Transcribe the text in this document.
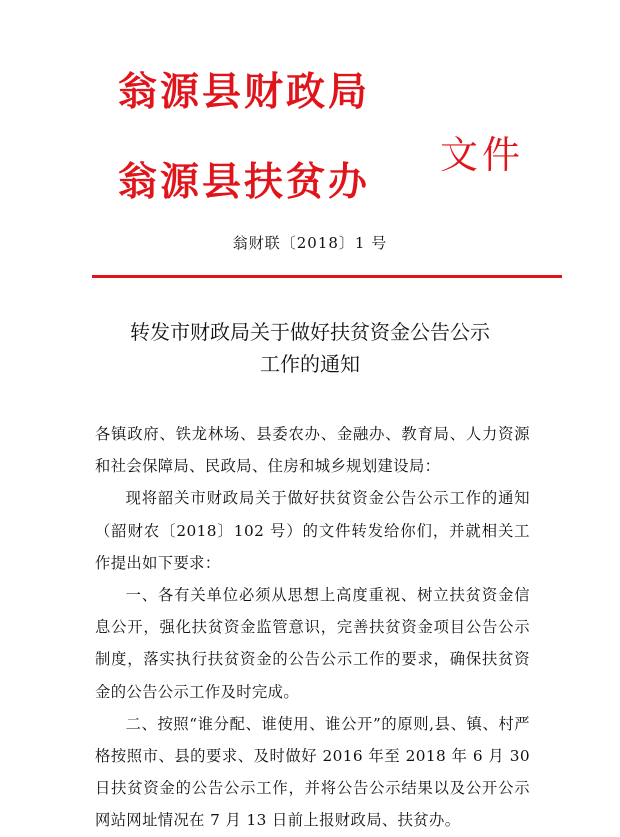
翁源县财政局
翁源县扶贫办
文件
翁财联〔2018〕1 号
转发市财政局关于做好扶贫资金公告公示
工作的通知

各镇政府、铁龙林场、县委农办、金融办、教育局、人力资源和社会保障局、民政局、住房和城乡规划建设局：

现将韶关市财政局关于做好扶贫资金公告公示工作的通知（韶财农〔2018〕102 号）的文件转发给你们，并就相关工作提出如下要求：

一、各有关单位必须从思想上高度重视、树立扶贫资金信息公开，强化扶贫资金监管意识，完善扶贫资金项目公告公示制度，落实执行扶贫资金的公告公示工作的要求，确保扶贫资金的公告公示工作及时完成。

二、按照“谁分配、谁使用、谁公开”的原则,县、镇、村严格按照市、县的要求、及时做好 2016 年至 2018 年 6 月 30 日扶贫资金的公告公示工作，并将公告公示结果以及公开公示网站网址情况在 7 月 13 日前上报财政局、扶贫办。
